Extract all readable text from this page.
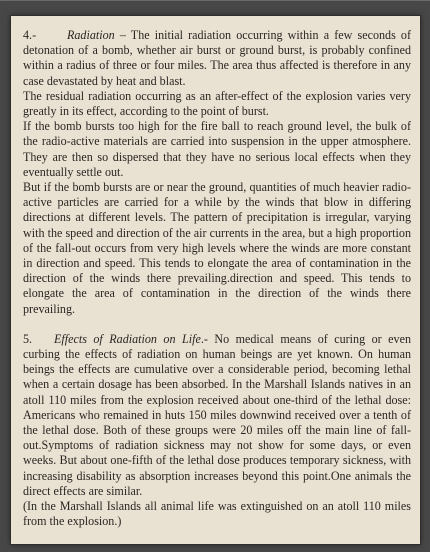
4.-	Radiation – The initial radiation occurring within a few seconds of detonation of a bomb, whether air burst or ground burst, is probably confined within a radius of three or four miles. The area thus affected is therefore in any case devastated by heat and blast.

The residual radiation occurring as an after-effect of the explosion varies very greatly in its effect, according to the point of burst.

If the bomb bursts too high for the fire ball to reach ground level, the bulk of the radio-active materials are carried into suspension in the upper atmosphere. They are then so dispersed that they have no serious local effects when they eventually settle out.

But if the bomb bursts are or near the ground, quantities of much heavier radio-active particles are carried for a while by the winds that blow in differing directions at different levels. The pattern of precipitation is irregular, varying with the speed and direction of the air currents in the area, but a high proportion of the fall-out occurs from very high levels where the winds are more constant in direction and speed. This tends to elongate the area of contamination in the direction of the winds there prevailing.direction and speed. This tends to elongate the area of contamination in the direction of the winds there prevailing.

5. Effects of Radiation on Life.- No medical means of curing or even curbing the effects of radiation on human beings are yet known. On human beings the effects are cumulative over a considerable period, becoming lethal when a certain dosage has been absorbed. In the Marshall Islands natives in an atoll 110 miles from the explosion received about one-third of the lethal dose: Americans who remained in huts 150 miles downwind received over a tenth of the lethal dose. Both of these groups were 20 miles off the main line of fall-out.Symptoms of radiation sickness may not show for some days, or even weeks. But about one-fifth of the lethal dose produces temporary sickness, with increasing disability as absorption increases beyond this point.One animals the direct effects are similar.

(In the Marshall Islands all animal life was extinguished on an atoll 110 miles from the explosion.)
